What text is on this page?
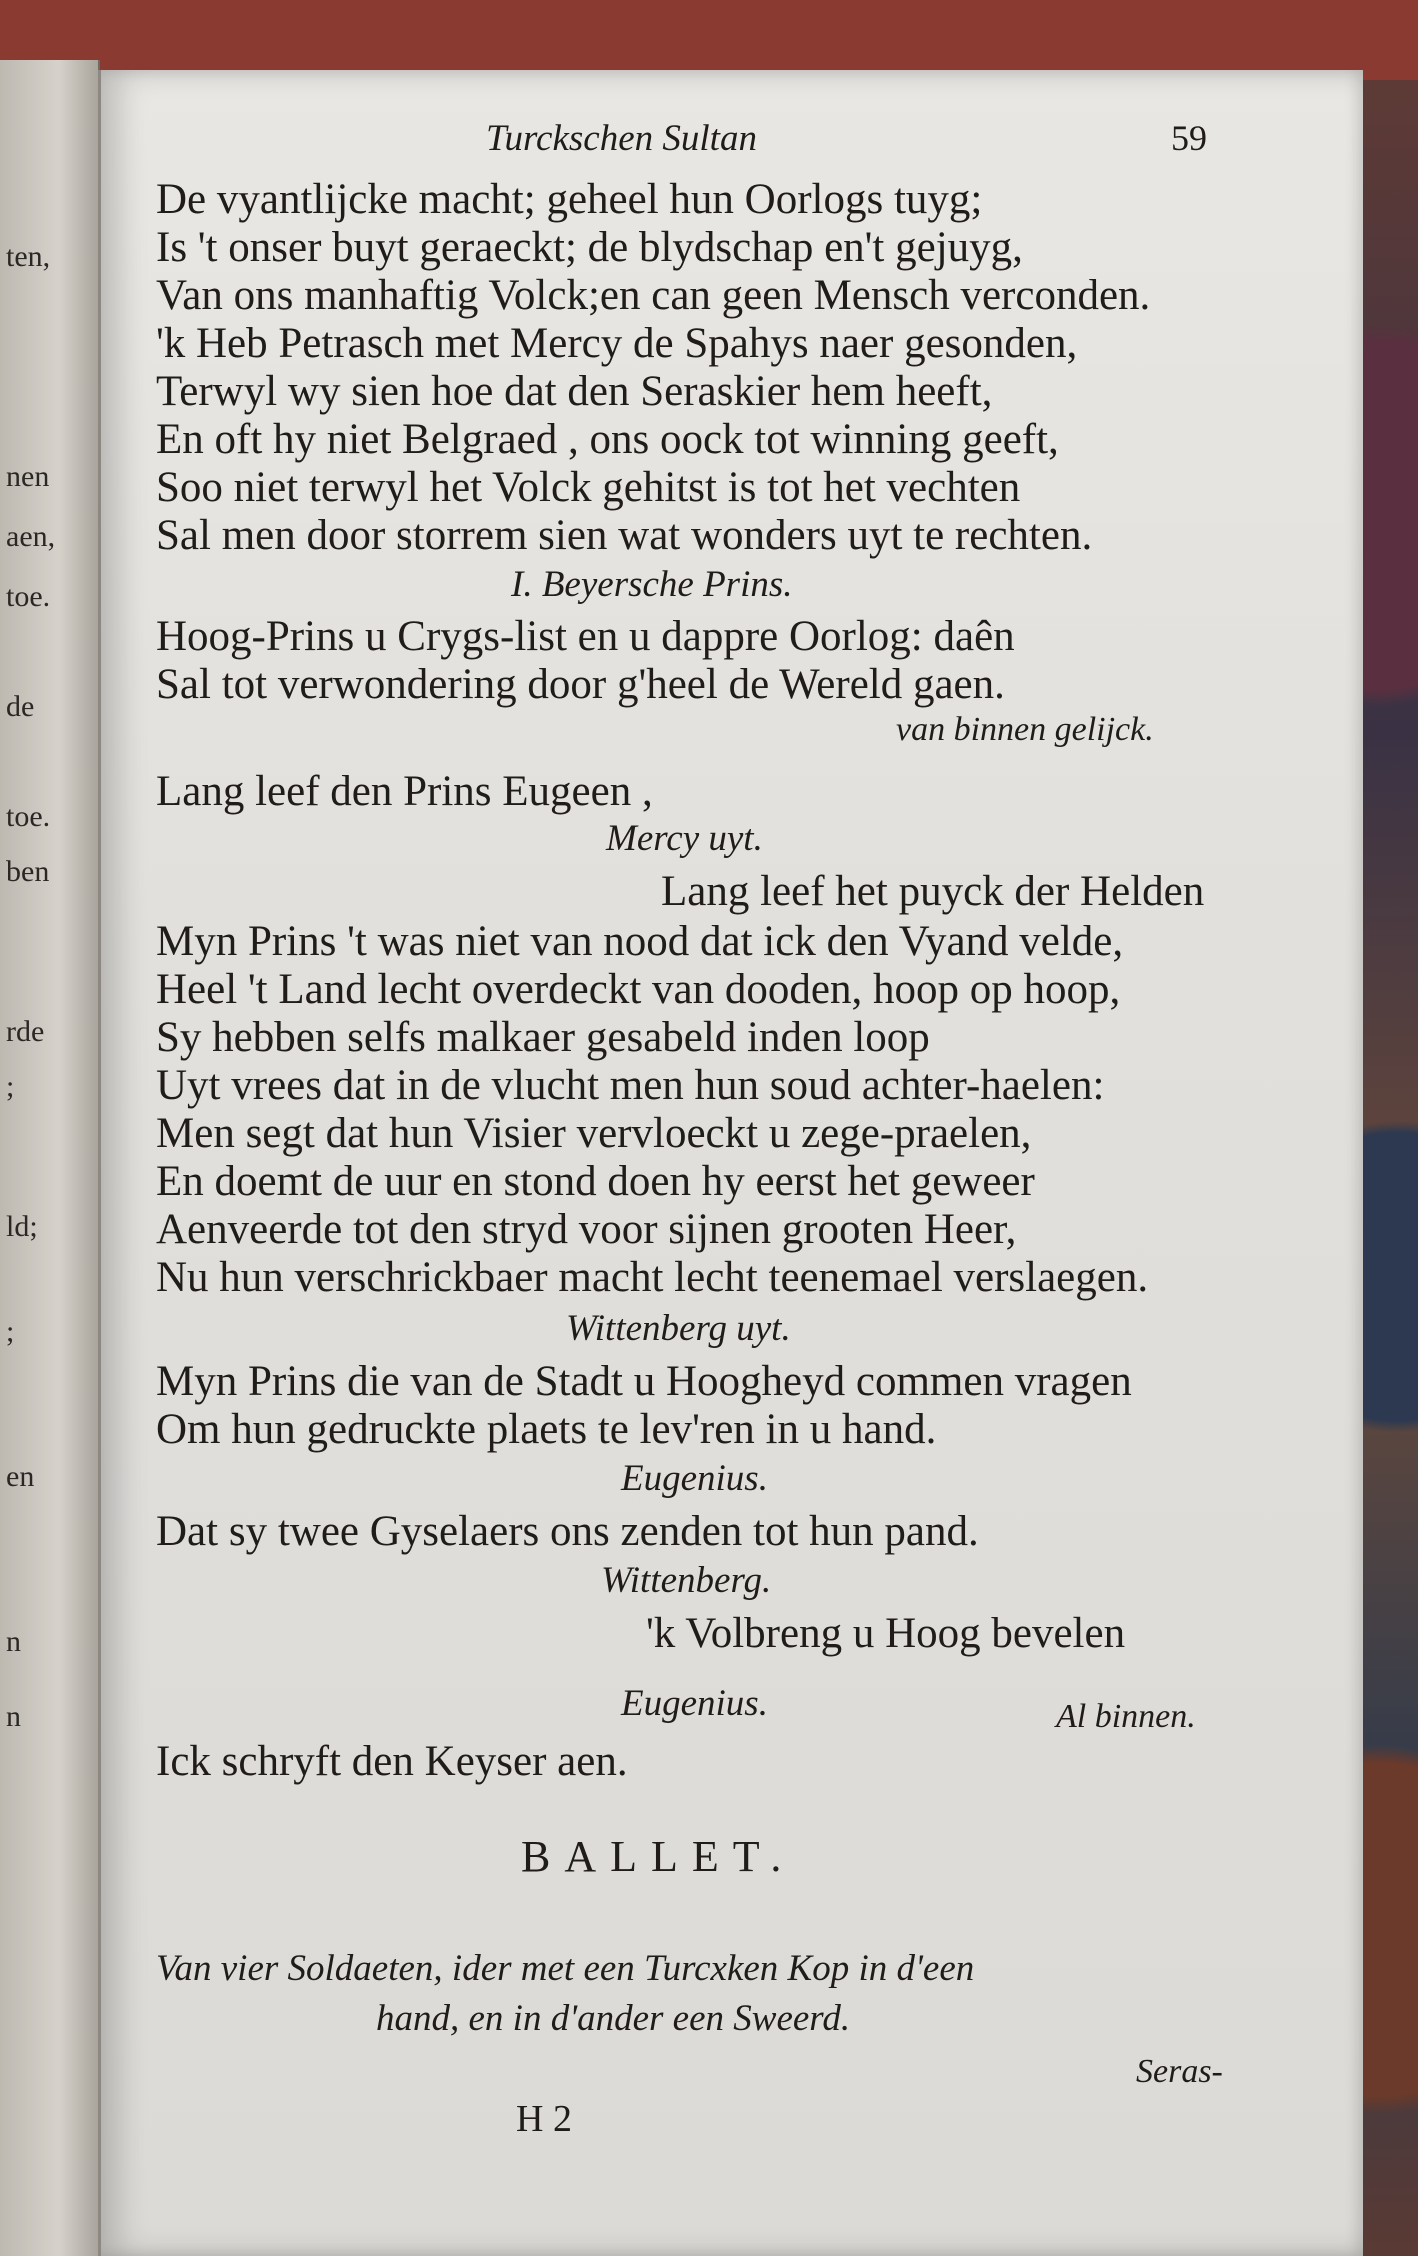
ten,
nen
aen,
toe.
de
toe.
ben
rde
;
ld;
;
en
n
n
Turckschen Sultan	59
De vyantlijcke macht; geheel hun Oorlogs tuyg;
Is 't onser buyt geraeckt; de blydschap en't gejuyg,
Van ons manhaftig Volck;en can geen Mensch verconden.
'k Heb Petrasch met Mercy de Spahys naer gesonden,
Terwyl wy sien hoe dat den Seraskier hem heeft,
En oft hy niet Belgraed , ons oock tot winning geeft,
Soo niet terwyl het Volck gehitst is tot het vechten
Sal men door storrem sien wat wonders uyt te rechten.
I. Beyersche Prins.
Hoog-Prins u Crygs-list en u dappre Oorlog: daên
Sal tot verwondering door g'heel de Wereld gaen.
van binnen gelijck.
Lang leef den Prins Eugeen ,
Mercy uyt.
Lang leef het puyck der Helden
Myn Prins 't was niet van nood dat ick den Vyand velde,
Heel 't Land lecht overdeckt van dooden, hoop op hoop,
Sy hebben selfs malkaer gesabeld inden loop
Uyt vrees dat in de vlucht men hun soud achter-haelen:
Men segt dat hun Visier vervloeckt u zege-praelen,
En doemt de uur en stond doen hy eerst het geweer
Aenveerde tot den stryd voor sijnen grooten Heer,
Nu hun verschrickbaer macht lecht teenemael verslaegen.
Wittenberg uyt.
Myn Prins die van de Stadt u Hoogheyd commen vragen
Om hun gedruckte plaets te lev'ren in u hand.
Eugenius.
Dat sy twee Gyselaers ons zenden tot hun pand.
Wittenberg.
'k Volbreng u Hoog bevelen
Eugenius.	Al binnen.
Ick schryft den Keyser aen.
BALLET.
Van vier Soldaeten, ider met een Turcxken Kop in d'een
hand, en in d'ander een Sweerd.
Seras-
H 2
